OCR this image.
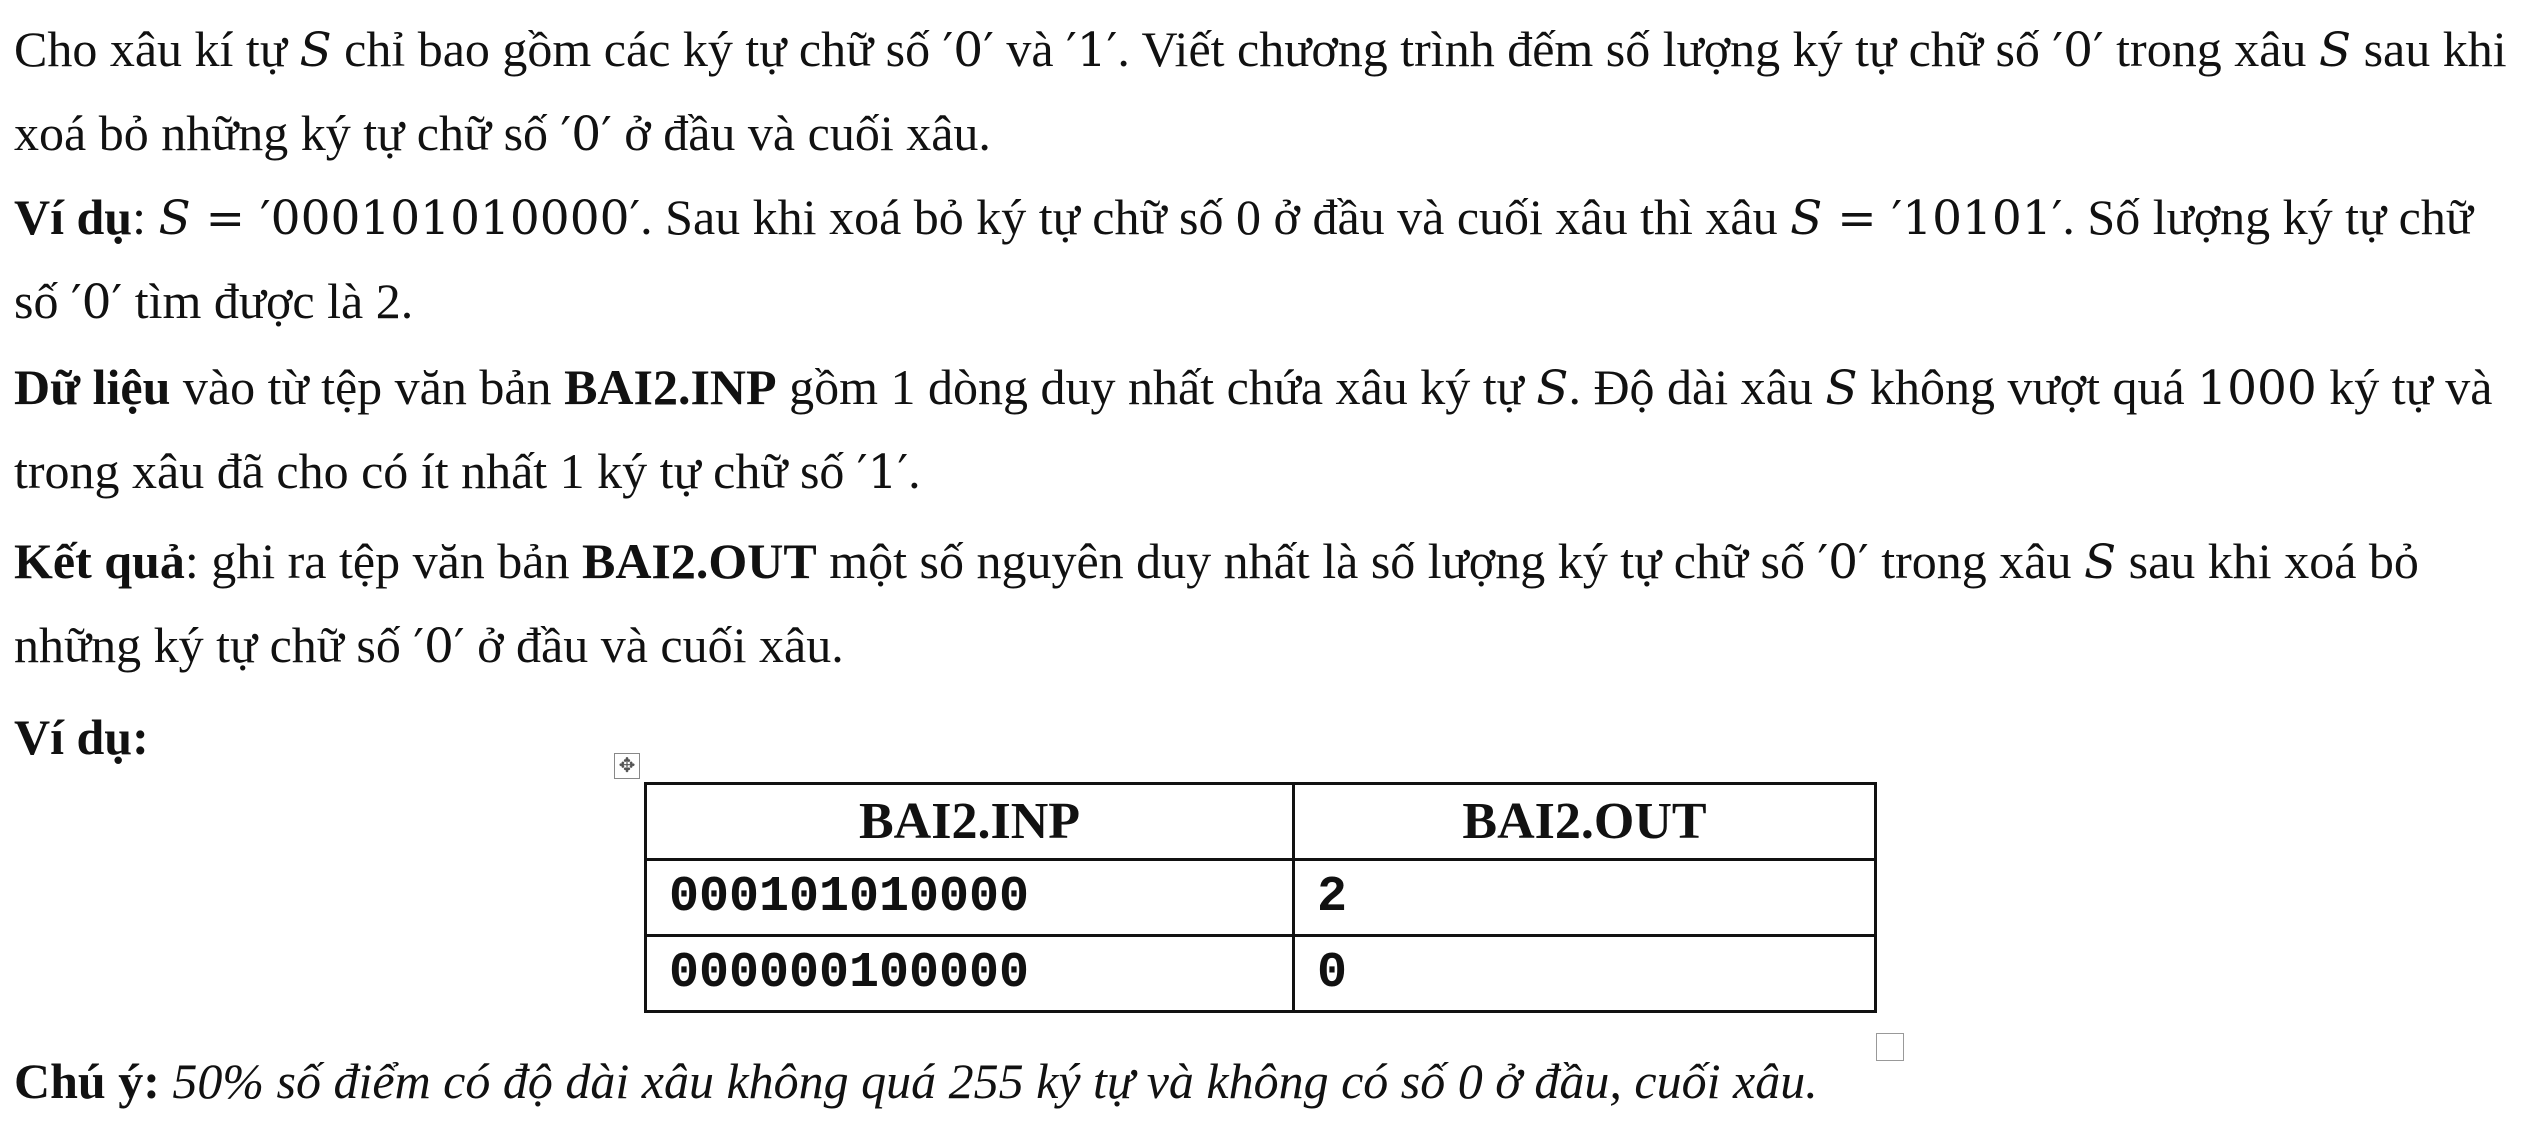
Cho xâu kí tự S chỉ bao gồm các ký tự chữ số ′0′ và ′1′. Viết chương trình đếm số lượng ký tự chữ số ′0′ trong xâu S sau khi xoá bỏ những ký tự chữ số ′0′ ở đầu và cuối xâu.

Ví dụ: S = ′000101010000′. Sau khi xoá bỏ ký tự chữ số 0 ở đầu và cuối xâu thì xâu S = ′10101′. Số lượng ký tự chữ số ′0′ tìm được là 2.

Dữ liệu vào từ tệp văn bản BAI2.INP gồm 1 dòng duy nhất chứa xâu ký tự S. Độ dài xâu S không vượt quá 1000 ký tự và trong xâu đã cho có ít nhất 1 ký tự chữ số ′1′.

Kết quả: ghi ra tệp văn bản BAI2.OUT một số nguyên duy nhất là số lượng ký tự chữ số ′0′ trong xâu S sau khi xoá bỏ những ký tự chữ số ′0′ ở đầu và cuối xâu.

Ví dụ:	✥
BAI2.INP	BAI2.OUT
000101010000	2
000000100000	0

Chú ý: 50% số điểm có độ dài xâu không quá 255 ký tự và không có số 0 ở đầu, cuối xâu.
